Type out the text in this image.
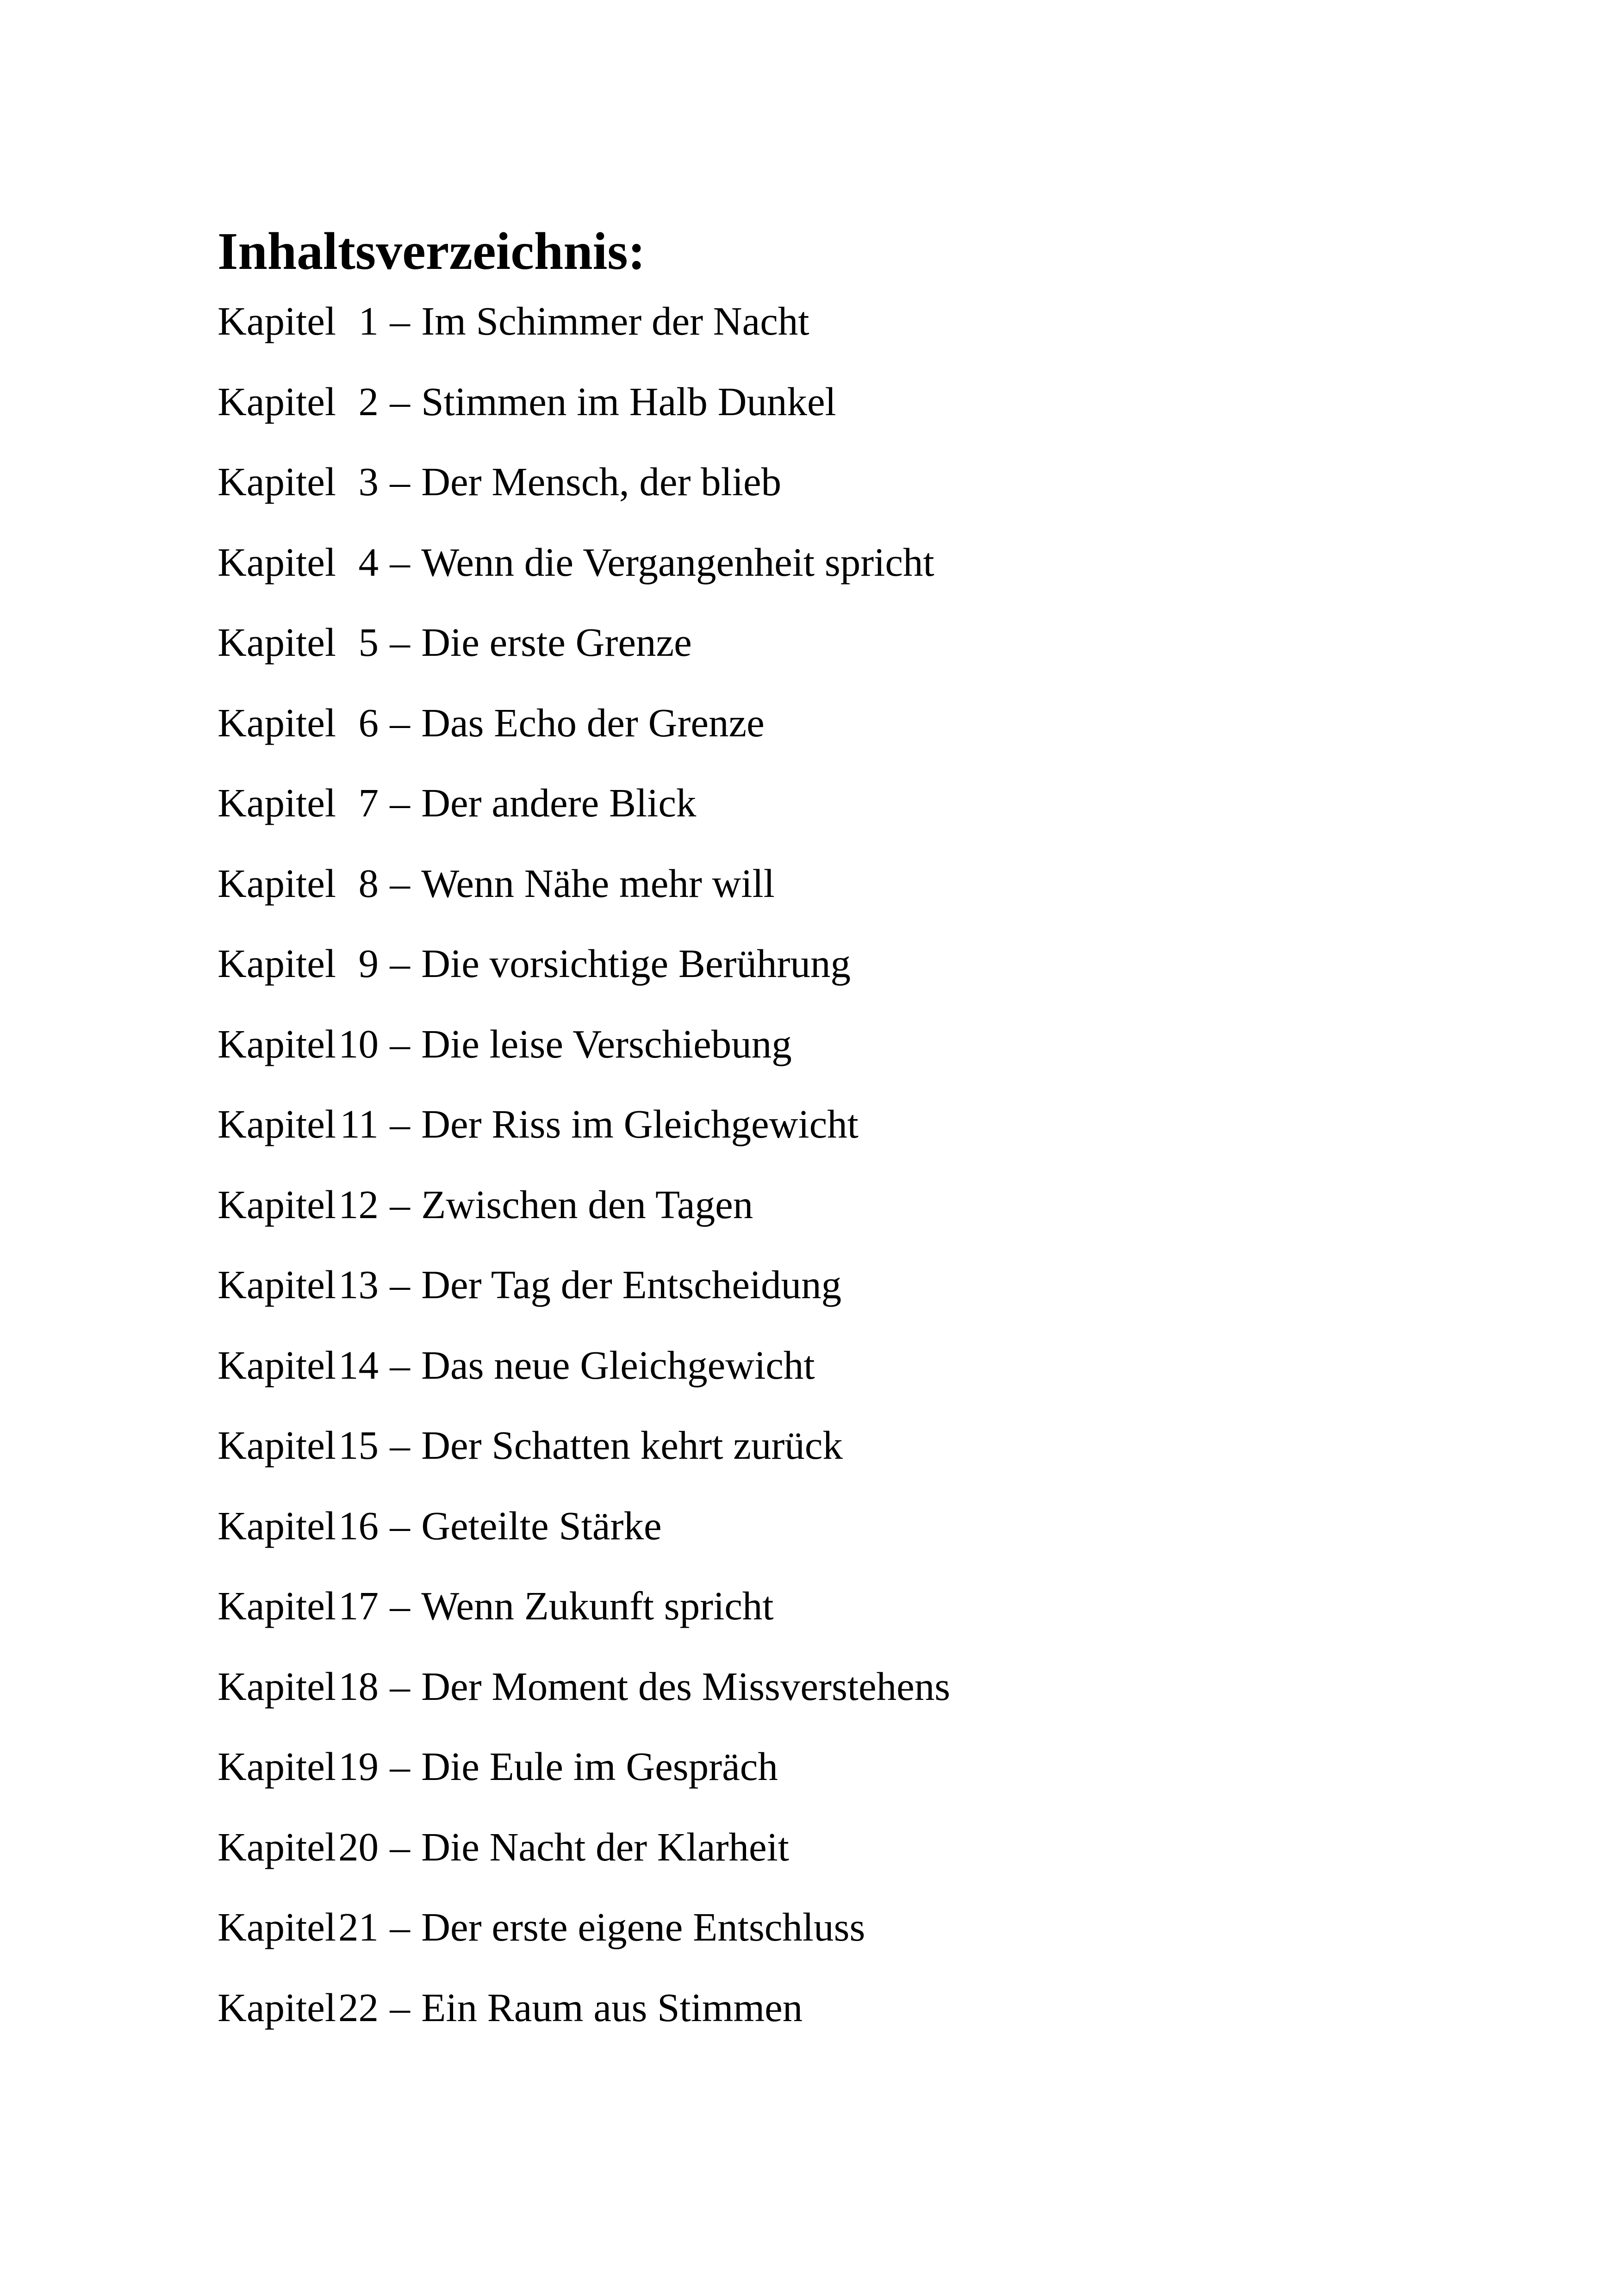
Inhaltsverzeichnis:
Kapitel 1 – Im Schimmer der Nacht
Kapitel 2 – Stimmen im Halb Dunkel
Kapitel 3 – Der Mensch, der blieb
Kapitel 4 – Wenn die Vergangenheit spricht
Kapitel 5 – Die erste Grenze
Kapitel 6 – Das Echo der Grenze
Kapitel 7 – Der andere Blick
Kapitel 8 – Wenn Nähe mehr will
Kapitel 9 – Die vorsichtige Berührung
Kapitel 10 – Die leise Verschiebung
Kapitel 11 – Der Riss im Gleichgewicht
Kapitel 12 – Zwischen den Tagen
Kapitel 13 – Der Tag der Entscheidung
Kapitel 14 – Das neue Gleichgewicht
Kapitel 15 – Der Schatten kehrt zurück
Kapitel 16 – Geteilte Stärke
Kapitel 17 – Wenn Zukunft spricht
Kapitel 18 – Der Moment des Missverstehens
Kapitel 19 – Die Eule im Gespräch
Kapitel 20 – Die Nacht der Klarheit
Kapitel 21 – Der erste eigene Entschluss
Kapitel 22 – Ein Raum aus Stimmen
